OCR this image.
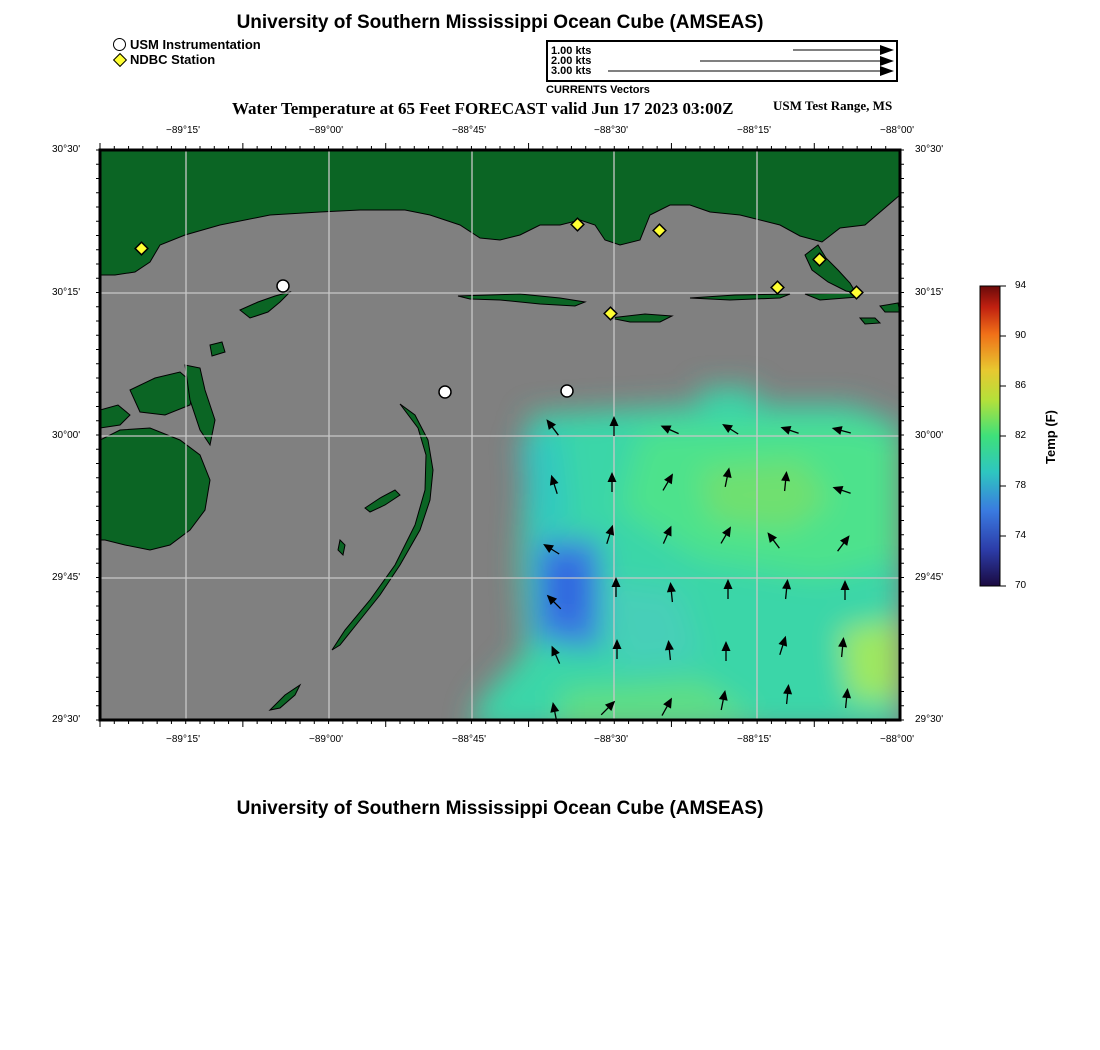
University of Southern Mississippi Ocean Cube (AMSEAS)
USM Instrumentation
NDBC Station
1.00 kts
2.00 kts
3.00 kts
CURRENTS Vectors
Water Temperature at 65 Feet FORECAST valid Jun 17 2023 03:00Z	USM Test Range, MS
−89°15'	−89°00'	−88°45'	−88°30'	−88°15'	−88°00'
−89°15'	−89°00'	−88°45'	−88°30'	−88°15'	−88°00'
30°30'
30°15'
30°00'
29°45'
29°30'
30°30'
30°15'
30°00'
29°45'
29°30'
94
90
86
82
78
74
70
Temp (F)
University of Southern Mississippi Ocean Cube (AMSEAS)
